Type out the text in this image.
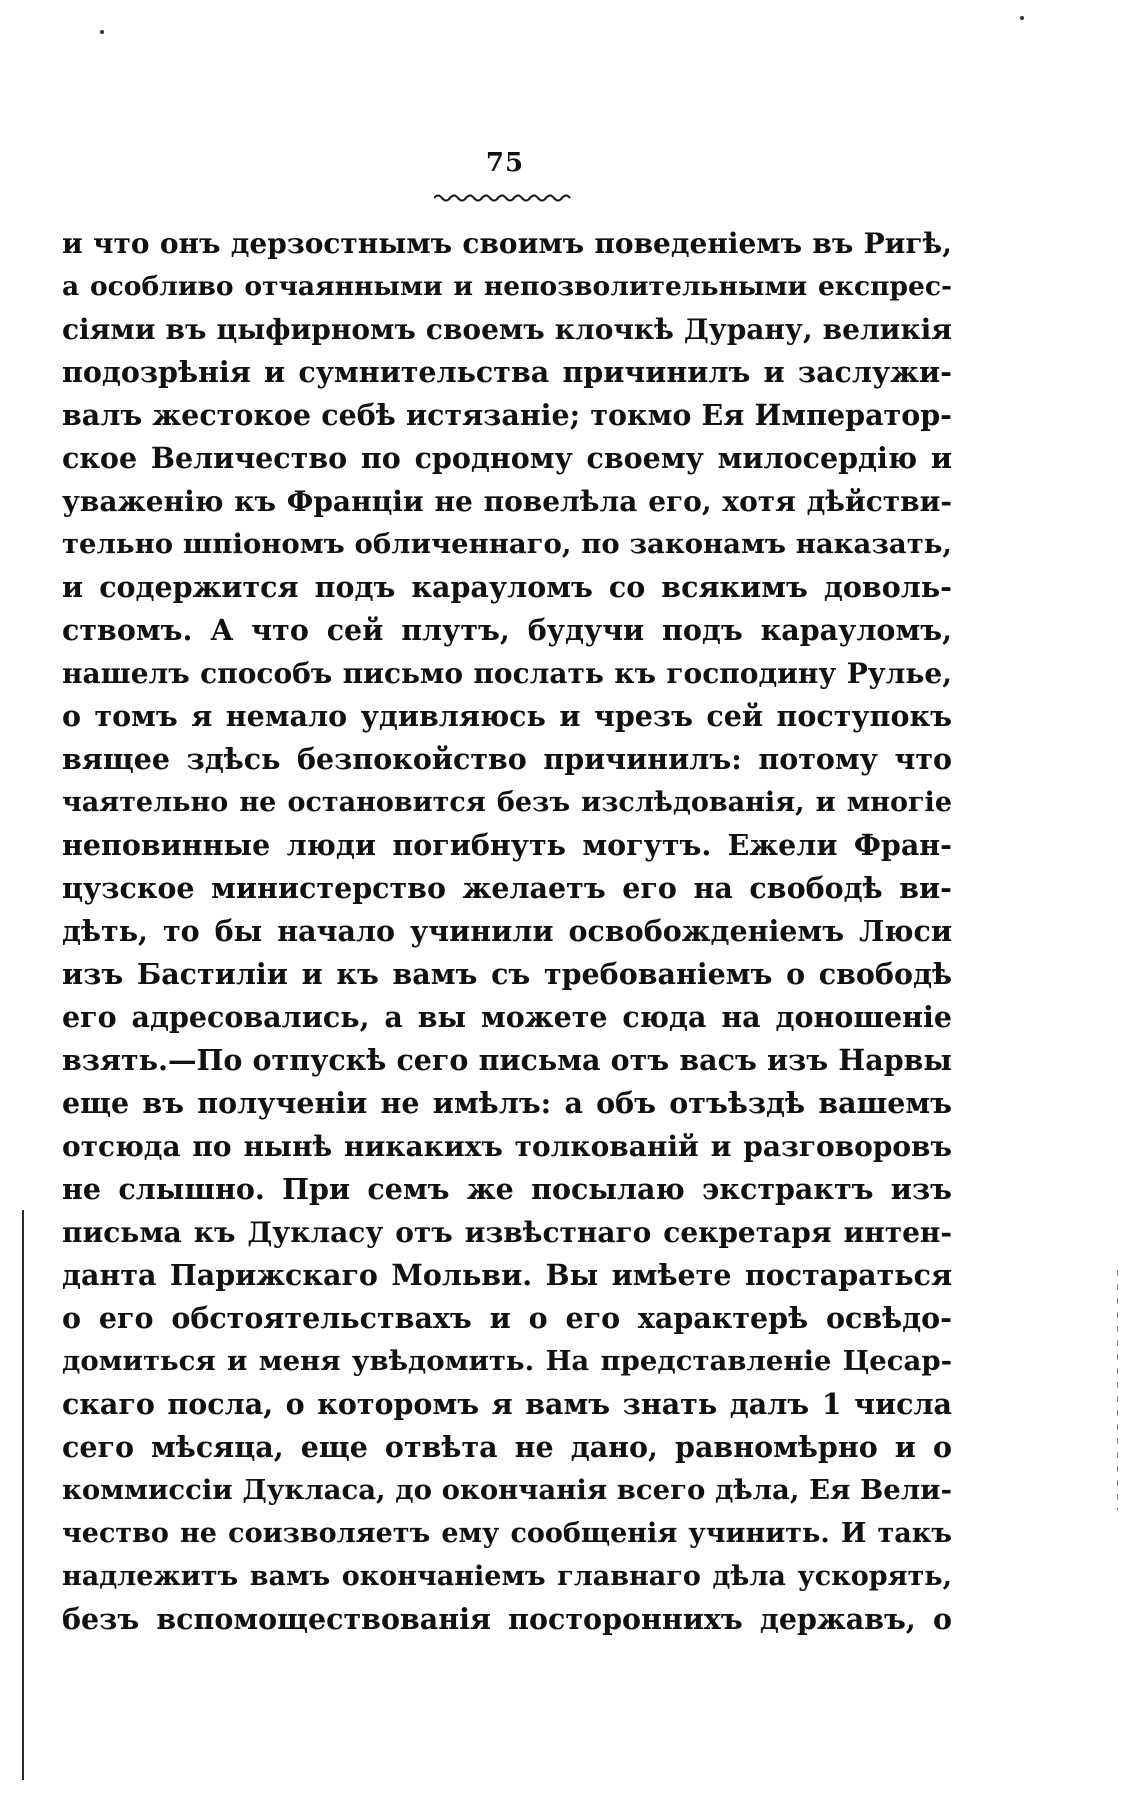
75
и что онъ дерзостнымъ своимъ поведенiемъ въ Ригѣ,
а особливо отчаянными и непозволительными експрес-
сiями въ цыфирномъ своемъ клочкѣ Дурану, великiя
подозрѣнiя и сумнительства причинилъ и заслужи-
валъ жестокое себѣ истязанiе; токмо Ея Император-
ское Величество по сродному своему милосердiю и
уваженiю къ Францiи не повелѣла его, хотя дѣйстви-
тельно шпiономъ обличеннаго, по законамъ наказать,
и содержится подъ карауломъ со всякимъ доволь-
ствомъ. А что сей плутъ, будучи подъ карауломъ,
нашелъ способъ письмо послать къ господину Рулье,
о томъ я немало удивляюсь и чрезъ сей поступокъ
вящее здѣсь безпокойство причинилъ: потому что
чаятельно не остановится безъ изслѣдованiя, и многiе
неповинные люди погибнуть могутъ. Ежели Фран-
цузское министерство желаетъ его на свободѣ ви-
дѣть, то бы начало учинили освобожденiемъ Люси
изъ Бастилiи и къ вамъ съ требованiемъ о свободѣ
его адресовались, а вы можете сюда на доношенiе
взять.—По отпускѣ сего письма отъ васъ изъ Нарвы
еще въ полученiи не имѣлъ: а объ отъѣздѣ вашемъ
отсюда по нынѣ никакихъ толкованiй и разговоровъ
не слышно. При семъ же посылаю экстрактъ изъ
письма къ Дукласу отъ извѣстнаго секретаря интен-
данта Парижскаго Мольви. Вы имѣете постараться
о его обстоятельствахъ и о его характерѣ освѣдо-
домиться и меня увѣдомить. На представленiе Цесар-
скаго посла, о которомъ я вамъ знать далъ 1 числа
сего мѣсяца, еще отвѣта не дано, равномѣрно и о
коммиссiи Дукласа, до окончанiя всего дѣла, Ея Вели-
чество не соизволяетъ ему сообщенiя учинить. И такъ
надлежитъ вамъ окончанiемъ главнаго дѣла ускорять,
безъ вспомоществованiя постороннихъ державъ, о
